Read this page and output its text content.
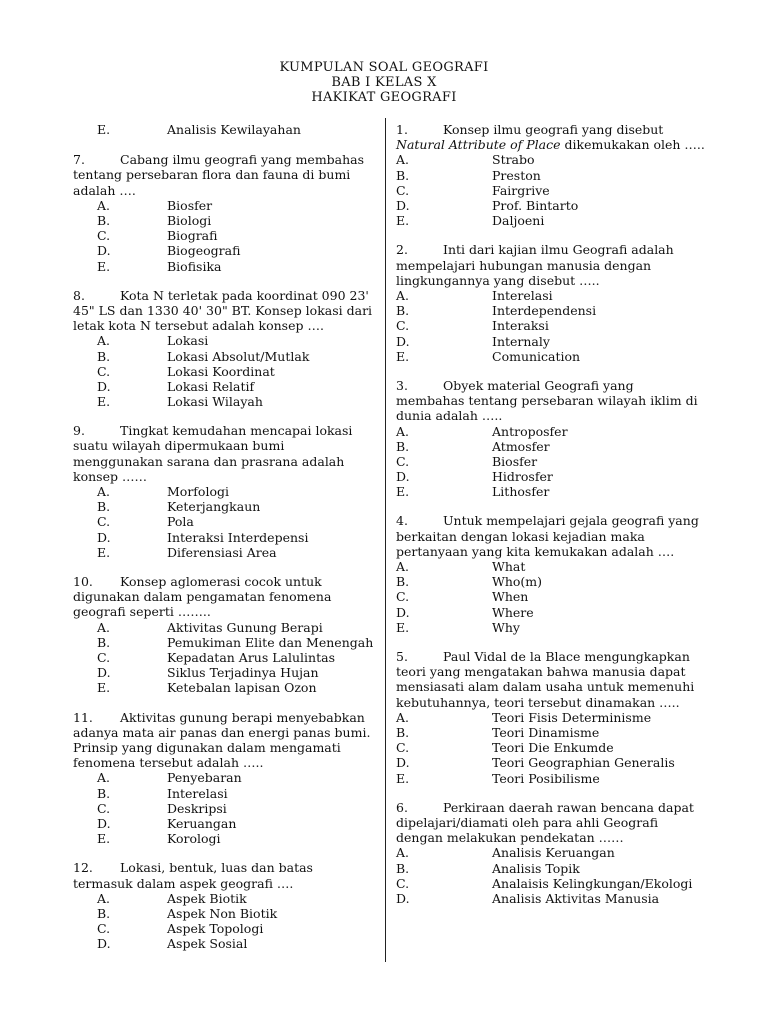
KUMPULAN SOAL GEOGRAFI
BAB I KELAS X
HAKIKAT GEOGRAFI
E.	Analisis Kewilayahan
7.	Cabang ilmu geografi yang membahas tentang persebaran flora dan fauna di bumi adalah ….
A.	Biosfer
B.	Biologi
C.	Biografi
D.	Biogeografi
E.	Biofisika
8.	Kota N terletak pada koordinat 090 23' 45" LS dan 1330 40' 30" BT. Konsep lokasi dari letak kota N tersebut adalah konsep ….
A.	Lokasi
B.	Lokasi Absolut/Mutlak
C.	Lokasi Koordinat
D.	Lokasi Relatif
E.	Lokasi Wilayah
9.	Tingkat kemudahan mencapai lokasi suatu wilayah dipermukaan bumi menggunakan sarana dan prasrana adalah konsep ……
A.	Morfologi
B.	Keterjangkaun
C.	Pola
D.	Interaksi Interdepensi
E.	Diferensiasi Area
10. Konsep aglomerasi cocok untuk digunakan dalam pengamatan fenomena geografi seperti ……..
A.	Aktivitas Gunung Berapi
B.	Pemukiman Elite dan Menengah
C.	Kepadatan Arus Lalulintas
D.	Siklus Terjadinya Hujan
E.	Ketebalan lapisan Ozon
11. Aktivitas gunung berapi menyebabkan adanya mata air panas dan energi panas bumi. Prinsip yang digunakan dalam mengamati fenomena tersebut adalah …..
A.	Penyebaran
B.	Interelasi
C.	Deskripsi
D.	Keruangan
E.	Korologi
12. Lokasi, bentuk, luas dan batas termasuk dalam aspek geografi ….
A.	Aspek Biotik
B.	Aspek Non Biotik
C.	Aspek Topologi
D.	Aspek Sosial
1.	Konsep ilmu geografi yang disebut Natural Attribute of Place dikemukakan oleh …..
A.	Strabo
B.	Preston
C.	Fairgrive
D.	Prof. Bintarto
E.	Daljoeni
2.	Inti dari kajian ilmu Geografi adalah mempelajari hubungan manusia dengan lingkungannya yang disebut …..
A.	Interelasi
B.	Interdependensi
C.	Interaksi
D.	Internaly
E.	Comunication
3.	Obyek material Geografi yang membahas tentang persebaran wilayah iklim di dunia adalah …..
A.	Antroposfer
B.	Atmosfer
C.	Biosfer
D.	Hidrosfer
E.	Lithosfer
4.	Untuk mempelajari gejala geografi yang berkaitan dengan lokasi kejadian maka pertanyaan yang kita kemukakan adalah ….
A.	What
B.	Who(m)
C.	When
D.	Where
E.	Why
5.	Paul Vidal de la Blace mengungkapkan teori yang mengatakan bahwa manusia dapat mensiasati alam dalam usaha untuk memenuhi kebutuhannya, teori tersebut dinamakan …..
A.	Teori Fisis Determinisme
B.	Teori Dinamisme
C.	Teori Die Enkumde
D.	Teori Geographian Generalis
E.	Teori Posibilisme
6.	Perkiraan daerah rawan bencana dapat dipelajari/diamati oleh para ahli Geografi dengan melakukan pendekatan ……
A.	Analisis Keruangan
B.	Analisis Topik
C.	Analaisis Kelingkungan/Ekologi
D.	Analisis Aktivitas Manusia
